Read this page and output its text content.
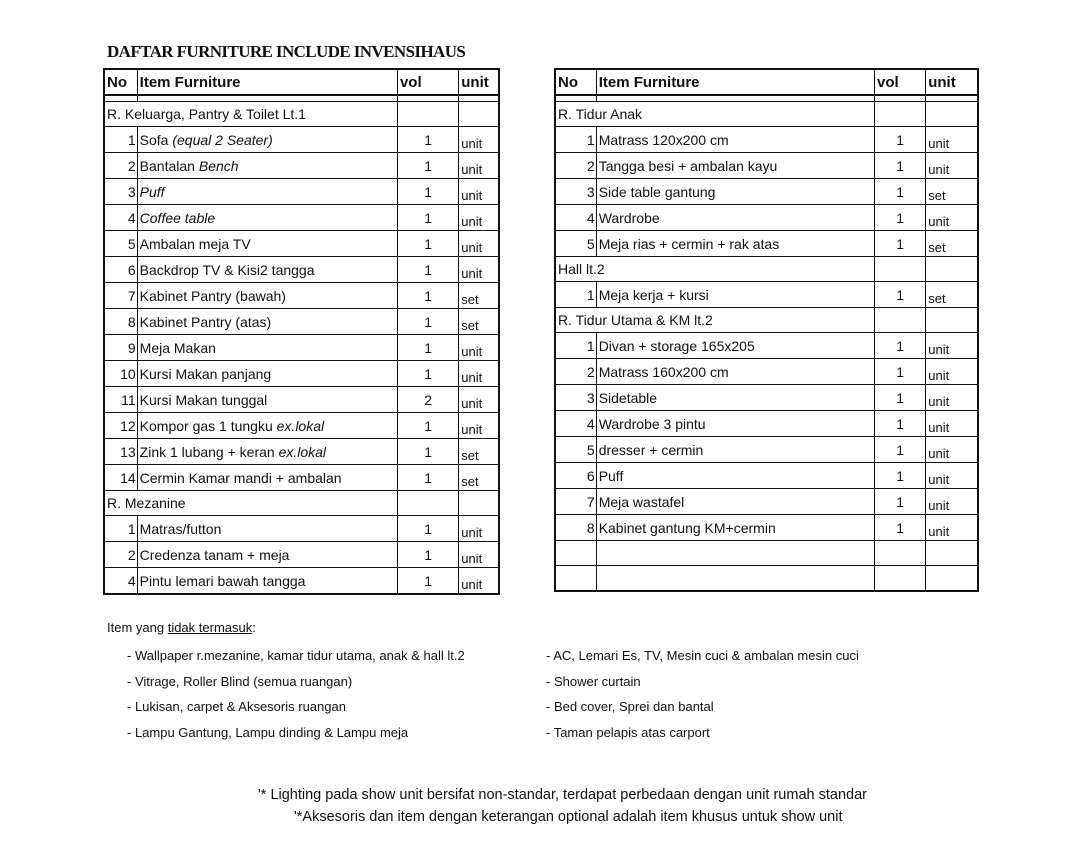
DAFTAR FURNITURE INCLUDE INVENSIHAUS
No	Item Furniture	vol	unit

R. Keluarga, Pantry & Toilet Lt.1			
1	Sofa (equal 2 Seater)	1	unit
2	Bantalan Bench	1	unit
3	Puff	1	unit
4	Coffee table	1	unit
5	Ambalan meja TV	1	unit
6	Backdrop TV & Kisi2 tangga	1	unit
7	Kabinet Pantry (bawah)	1	set
8	Kabinet Pantry (atas)	1	set
9	Meja Makan	1	unit
10	Kursi Makan panjang	1	unit
11	Kursi Makan tunggal	2	unit
12	Kompor gas 1 tungku ex.lokal	1	unit
13	Zink 1 lubang + keran ex.lokal	1	set
14	Cermin Kamar mandi + ambalan	1	set
R. Mezanine			
1	Matras/futton	1	unit
2	Credenza tanam + meja	1	unit
4	Pintu lemari bawah tangga	1	unit
No	Item Furniture	vol	unit

R. Tidur Anak			
1	Matrass 120x200 cm	1	unit
2	Tangga besi + ambalan kayu	1	unit
3	Side table gantung	1	set
4	Wardrobe	1	unit
5	Meja rias + cermin + rak atas	1	set
Hall lt.2			
1	Meja kerja + kursi	1	set
R. Tidur Utama & KM lt.2			
1	Divan + storage 165x205	1	unit
2	Matrass 160x200 cm	1	unit
3	Sidetable	1	unit
4	Wardrobe 3 pintu	1	unit
5	dresser + cermin	1	unit
6	Puff	1	unit
7	Meja wastafel	1	unit
8	Kabinet gantung KM+cermin	1	unit

Item yang tidak termasuk:
- Wallpaper r.mezanine, kamar tidur utama, anak & hall lt.2
- Vitrage, Roller Blind (semua ruangan)
- Lukisan, carpet & Aksesoris ruangan
- Lampu Gantung, Lampu dinding & Lampu meja
- AC, Lemari Es, TV, Mesin cuci & ambalan mesin cuci
- Shower curtain
- Bed cover, Sprei dan bantal
- Taman pelapis atas carport
'* Lighting pada show unit bersifat non-standar, terdapat perbedaan dengan unit rumah standar
'*Aksesoris dan item dengan keterangan optional adalah item khusus untuk show unit
